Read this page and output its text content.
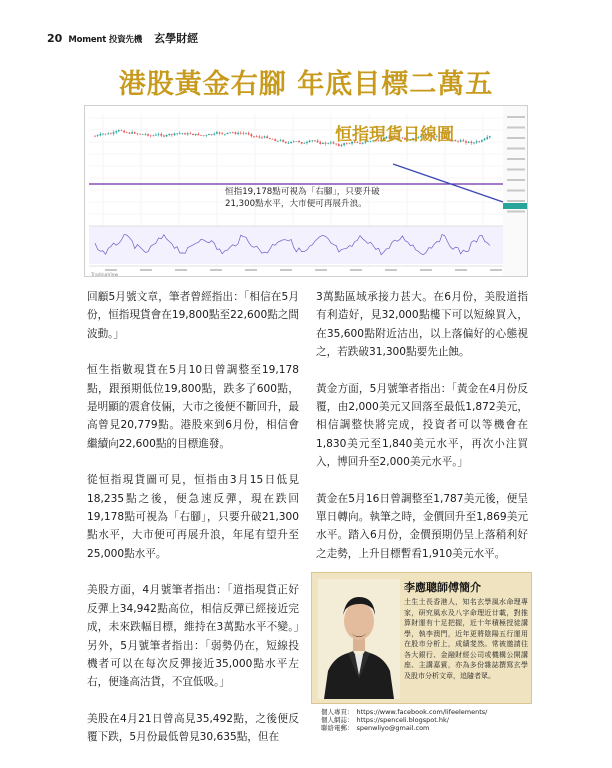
20 Moment 投資先機 玄學財經
港股黃金右腳 年底目標二萬五
恒指現貨日線圖
恒指19,178點可視為「右腳」，只要升破
21,300點水平，大市便可再展升浪。
TradingView

回顧5月號文章，筆者曾經指出：「相信在5月份，恒指現貨會在19,800點至22,600點之間波動。」

恒生指數現貨在5月10日曾調整至19,178點，跟預期低位19,800點，跌多了600點，是明顯的震倉伎倆，大市之後便不斷回升，最高曾見20,779點。港股來到6月份，相信會繼續向22,600點的目標進發。

從恒指現貨圖可見，恒指由3月15日低見18,235點之後，便急速反彈，現在跌回19,178點可視為「右腳」，只要升破21,300點水平，大市便可再展升浪，年尾有望升至25,000點水平。

美股方面，4月號筆者指出：「道指現貨正好反彈上34,942點高位，相信反彈已經接近完成，未來跌幅目標，維持在3萬點水平不變。」另外，5月號筆者指出：「弱勢仍在，短線投機者可以在每次反彈接近35,000點水平左右，便逢高沽貨，不宜低吸。」

美股在4月21日曾高見35,492點，之後便反覆下跌，5月份最低曾見30,635點，但在

3萬點區域承接力甚大。在6月份，美股道指有利造好，見32,000點樓下可以短線買入，在35,600點附近沽出，以上落偏好的心態視之，若跌破31,300點要先止蝕。

黃金方面，5月號筆者指出：「黃金在4月份反覆，由2,000美元又回落至最低1,872美元，相信調整快將完成，投資者可以等機會在1,830美元至1,840美元水平，再次小注買入，博回升至2,000美元水平。」

黃金在5月16日曾調整至1,787美元後，便呈單日轉向。執筆之時，金價回升至1,869美元水平。踏入6月份，金價預期仍呈上落稍利好之走勢，上升目標暫看1,910美元水平。

李應聰師傅簡介
土生土長香港人，知名玄學風水命理專家，研究風水及八字命理近廿載，對推算財運有十足把握，近十年積極授徒講學，執李澳門，近年更將陰陽五行運用在股市分析上，成績斐然。常被邀請往各大銀行、金融財經公司或機構公開講座、主講嘉賓，亦為多份雜誌撰寫玄學及股市分析文章，追隨者眾。
個人專頁： https://www.facebook.com/lifeelements/
個人網誌： https://spenceli.blogspot.hk/
聯絡電郵： spenwliyo@gmail.com
